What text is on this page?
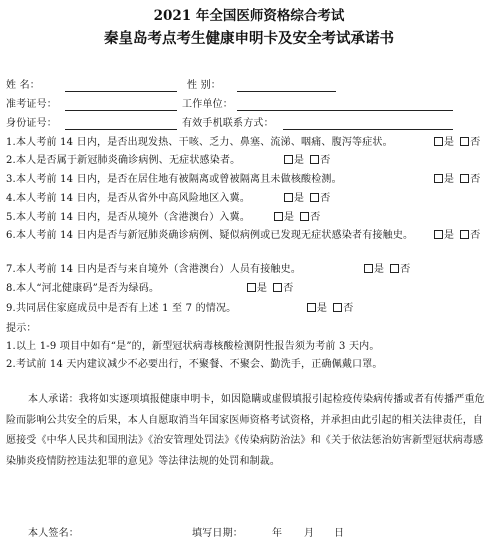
2021 年全国医师资格综合考试
秦皇岛考点考生健康申明卡及安全考试承诺书
姓 名：	性 别：
准考证号：	工作单位：
身份证号：	有效手机联系方式：
1.本人考前 14 日内，是否出现发热、干咳、乏力、鼻塞、流涕、咽痛、腹泻等症状。	是 否
2.本人是否属于新冠肺炎确诊病例、无症状感染者。	是 否
3.本人考前 14 日内，是否在居住地有被隔离或曾被隔离且未做核酸检测。	是 否
4.本人考前 14 日内，是否从省外中高风险地区入冀。	是 否
5.本人考前 14 日内，是否从境外（含港澳台）入冀。	是 否
6.本人考前 14 日内是否与新冠肺炎确诊病例、疑似病例或已发现无症状感染者有接触史。	是 否
7.本人考前 14 日内是否与来自境外（含港澳台）人员有接触史。	是 否
8.本人“河北健康码”是否为绿码。	是 否
9.共同居住家庭成员中是否有上述 1 至 7 的情况。	是 否
提示：
1.以上 1-9 项目中如有“是”的，新型冠状病毒核酸检测阴性报告须为考前 3 天内。
2.考试前 14 天内建议减少不必要出行，不聚餐、不聚会、勤洗手，正确佩戴口罩。
本人承诺：我将如实逐项填报健康申明卡，如因隐瞒或虚假填报引起检疫传染病传播或者有传播严重危险而影响公共安全的后果，本人自愿取消当年国家医师资格考试资格，并承担由此引起的相关法律责任，自愿接受《中华人民共和国刑法》《治安管理处罚法》《传染病防治法》和《关于依法惩治妨害新型冠状病毒感染肺炎疫情防控违法犯罪的意见》等法律法规的处罚和制裁。
本人签名：	填写日期：	年 月 日
